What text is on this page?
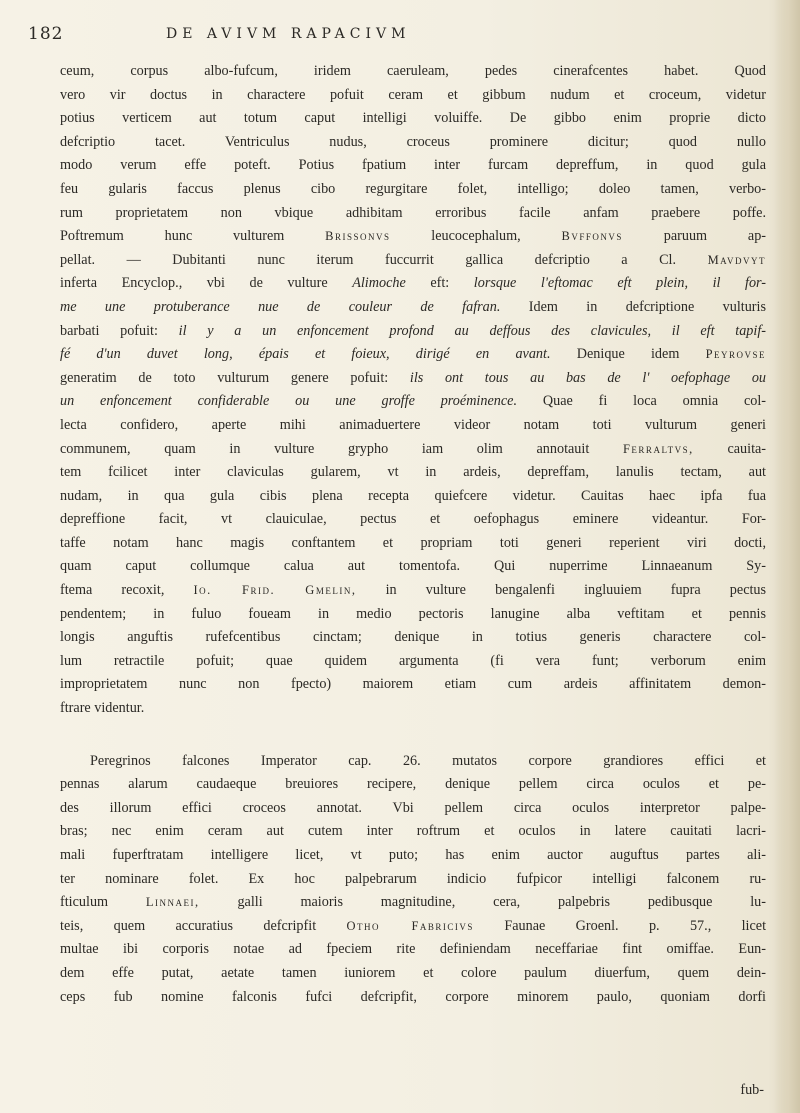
182	DE AVIVM RAPACIVM
ceum, corpus albo-fufcum, iridem caeruleam, pedes cinerafcentes habet. Quod
vero vir doctus in charactere pofuit ceram et gibbum nudum et croceum, videtur
potius verticem aut totum caput intelligi voluiffe. De gibbo enim proprie dicto
defcriptio tacet. Ventriculus nudus, croceus prominere dicitur; quod nullo
modo verum effe poteft. Potius fpatium inter furcam depreffum, in quod gula
feu gularis faccus plenus cibo regurgitare folet, intelligo; doleo tamen, verbo-
rum proprietatem non vbique adhibitam erroribus facile anfam praebere poffe.
Poftremum hunc vulturem	Brissonvs	leucocephalum,	Bvffonvs	paruum ap-
pellat. — Dubitanti nunc iterum fuccurrit gallica defcriptio a Cl.	Mavdvyt
inferta Encyclop., vbi de vulture Alimoche eft: lorsque l'eftomac eft plein, il for-
me une protuberance nue de couleur de fafran. Idem in defcriptione vulturis
barbati pofuit: il y a un enfoncement profond au deffous des clavicules, il eft tapif-
fé d'un duvet long, épais et foieux, dirigé en avant. Denique idem Peyrovse
generatim de toto vulturum genere pofuit: ils ont tous au bas de l' oefophage ou
un enfoncement confiderable ou une groffe proéminence. Quae fi loca omnia col-
lecta confidero, aperte mihi animaduertere videor notam toti vulturum generi
communem, quam in vulture grypho iam olim annotauit	Ferraltvs, cauita-
tem fcilicet inter claviculas gularem, vt in ardeis, depreffam, lanulis tectam, aut
nudam, in qua gula cibis plena recepta quiefcere videtur. Cauitas haec ipfa fua
depreffione facit, vt clauiculae, pectus et oefophagus eminere videantur. For-
taffe notam hanc magis conftantem et propriam toti generi reperient viri docti,
quam caput collumque calua aut tomentofa. Qui nuperrime Linnaeanum Sy-
ftema recoxit, Io. Frid. Gmelin, in vulture bengalenfi ingluuiem fupra pectus
pendentem; in fuluo foueam in medio pectoris lanugine alba veftitam et pennis
longis anguftis rufefcentibus cinctam; denique in totius generis charactere col-
lum retractile pofuit; quae quidem argumenta (fi vera funt; verborum enim
improprietatem nunc non fpecto) maiorem etiam cum ardeis affinitatem demon-
ftrare videntur.
Peregrinos falcones Imperator cap. 26. mutatos corpore grandiores effici et
pennas alarum caudaeque breuiores recipere, denique pellem circa oculos et pe-
des illorum effici croceos annotat. Vbi pellem circa oculos interpretor palpe-
bras; nec enim ceram aut cutem inter roftrum et oculos in latere cauitati lacri-
mali fuperftratam intelligere licet, vt puto; has enim auctor auguftus partes ali-
ter nominare folet. Ex hoc palpebrarum indicio fufpicor intelligi falconem ru-
fticulum	Linnaei,	galli maioris magnitudine, cera, palpebris pedibusque lu-
teis, quem accuratius defcripfit Otho Fabricivs Faunae Groenl. p. 57., licet
multae ibi corporis notae ad fpeciem rite definiendam neceffariae fint omiffae. Eun-
dem effe putat, aetate tamen iuniorem et colore paulum diuerfum, quem dein-
ceps fub nomine falconis fufci defcripfit, corpore minorem paulo, quoniam dorfi
fub-
